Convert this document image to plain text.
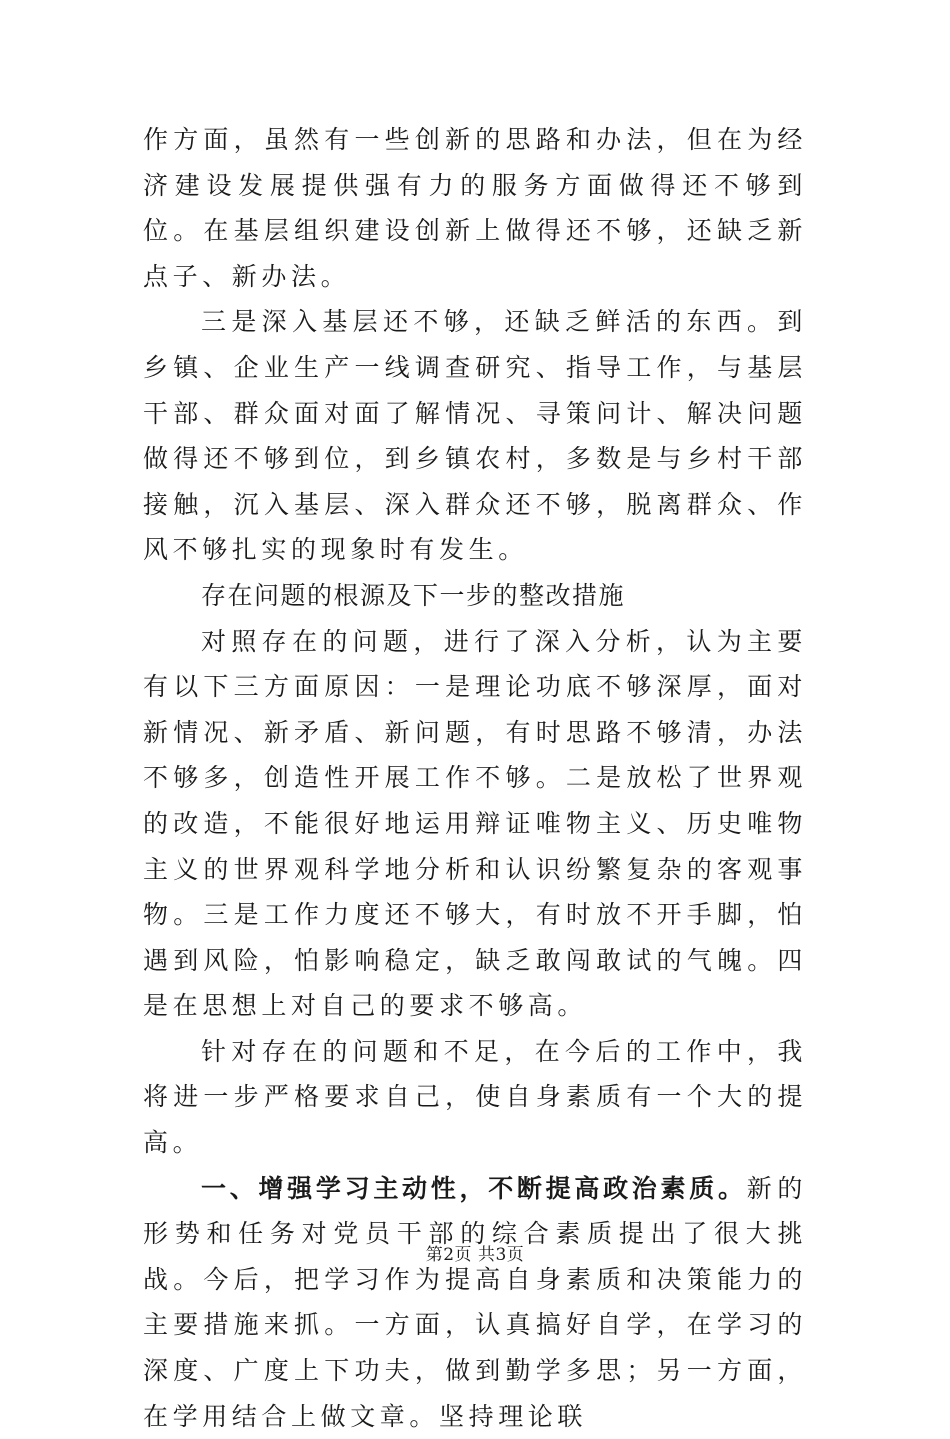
作方面，虽然有一些创新的思路和办法，但在为经济建设发展提供强有力的服务方面做得还不够到位。在基层组织建设创新上做得还不够，还缺乏新点子、新办法。

三是深入基层还不够，还缺乏鲜活的东西。到乡镇、企业生产一线调查研究、指导工作，与基层干部、群众面对面了解情况、寻策问计、解决问题做得还不够到位，到乡镇农村，多数是与乡村干部接触，沉入基层、深入群众还不够，脱离群众、作风不够扎实的现象时有发生。

存在问题的根源及下一步的整改措施

对照存在的问题，进行了深入分析，认为主要有以下三方面原因：一是理论功底不够深厚，面对新情况、新矛盾、新问题，有时思路不够清，办法不够多，创造性开展工作不够。二是放松了世界观的改造，不能很好地运用辩证唯物主义、历史唯物主义的世界观科学地分析和认识纷繁复杂的客观事物。三是工作力度还不够大，有时放不开手脚，怕遇到风险，怕影响稳定，缺乏敢闯敢试的气魄。四是在思想上对自己的要求不够高。

针对存在的问题和不足，在今后的工作中，我将进一步严格要求自己，使自身素质有一个大的提高。

一、增强学习主动性，不断提高政治素质。新的形势和任务对党员干部的综合素质提出了很大挑战。今后，把学习作为提高自身素质和决策能力的主要措施来抓。一方面，认真搞好自学，在学习的深度、广度上下功夫，做到勤学多思；另一方面，在学用结合上做文章。坚持理论联

第2页 共3页
